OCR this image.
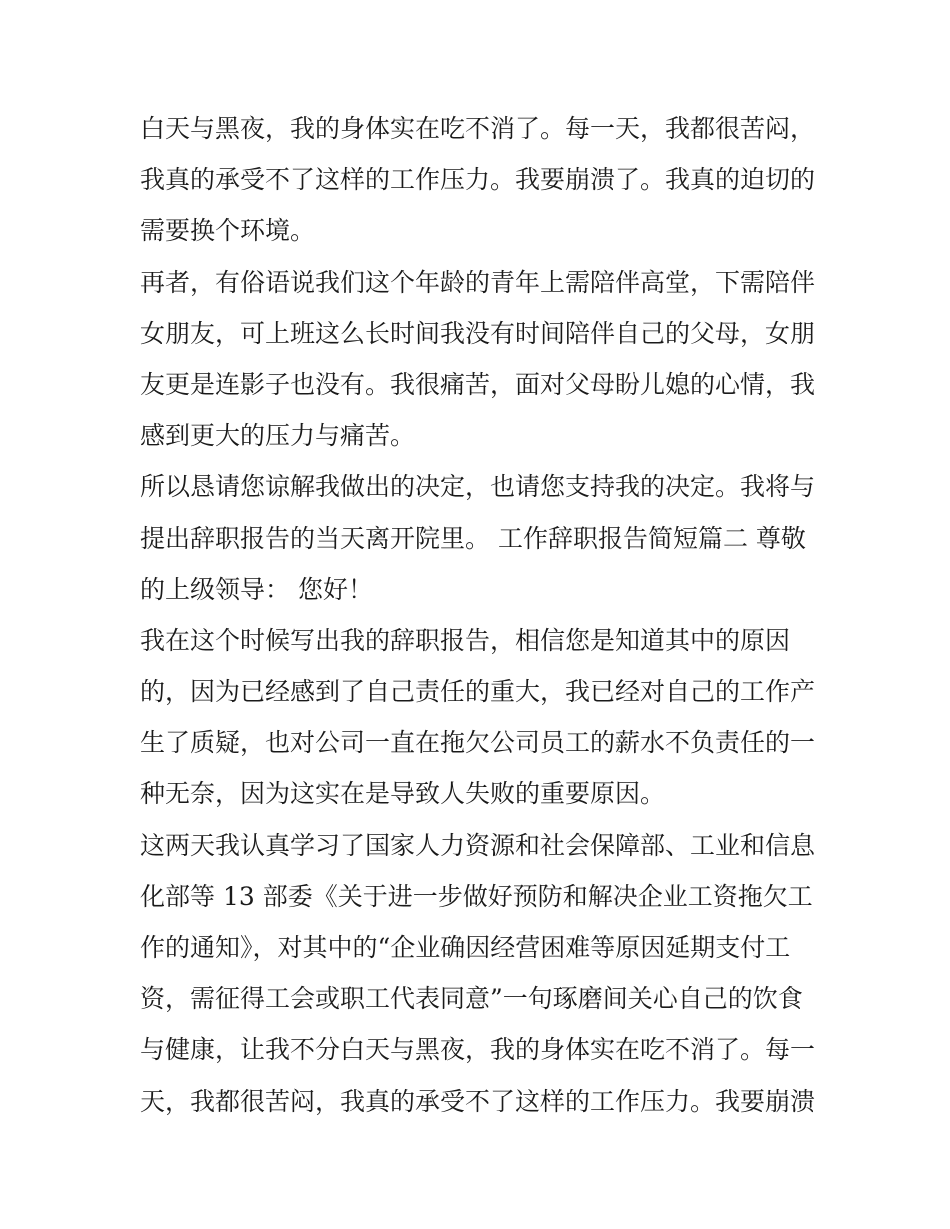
白天与黑夜，我的身体实在吃不消了。每一天，我都很苦闷，
我真的承受不了这样的工作压力。我要崩溃了。我真的迫切的
需要换个环境。
再者，有俗语说我们这个年龄的青年上需陪伴高堂，下需陪伴
女朋友，可上班这么长时间我没有时间陪伴自己的父母，女朋
友更是连影子也没有。我很痛苦，面对父母盼儿媳的心情，我
感到更大的压力与痛苦。
所以恳请您谅解我做出的决定，也请您支持我的决定。我将与
提出辞职报告的当天离开院里。 工作辞职报告简短篇二 尊敬
的上级领导： 您好！
我在这个时候写出我的辞职报告，相信您是知道其中的原因
的，因为已经感到了自己责任的重大，我已经对自己的工作产
生了质疑，也对公司一直在拖欠公司员工的薪水不负责任的一
种无奈，因为这实在是导致人失败的重要原因。
这两天我认真学习了国家人力资源和社会保障部、工业和信息
化部等 13 部委《关于进一步做好预防和解决企业工资拖欠工
作的通知》，对其中的“企业确因经营困难等原因延期支付工
资，需征得工会或职工代表同意”一句琢磨间关心自己的饮食
与健康，让我不分白天与黑夜，我的身体实在吃不消了。每一
天，我都很苦闷，我真的承受不了这样的工作压力。我要崩溃
